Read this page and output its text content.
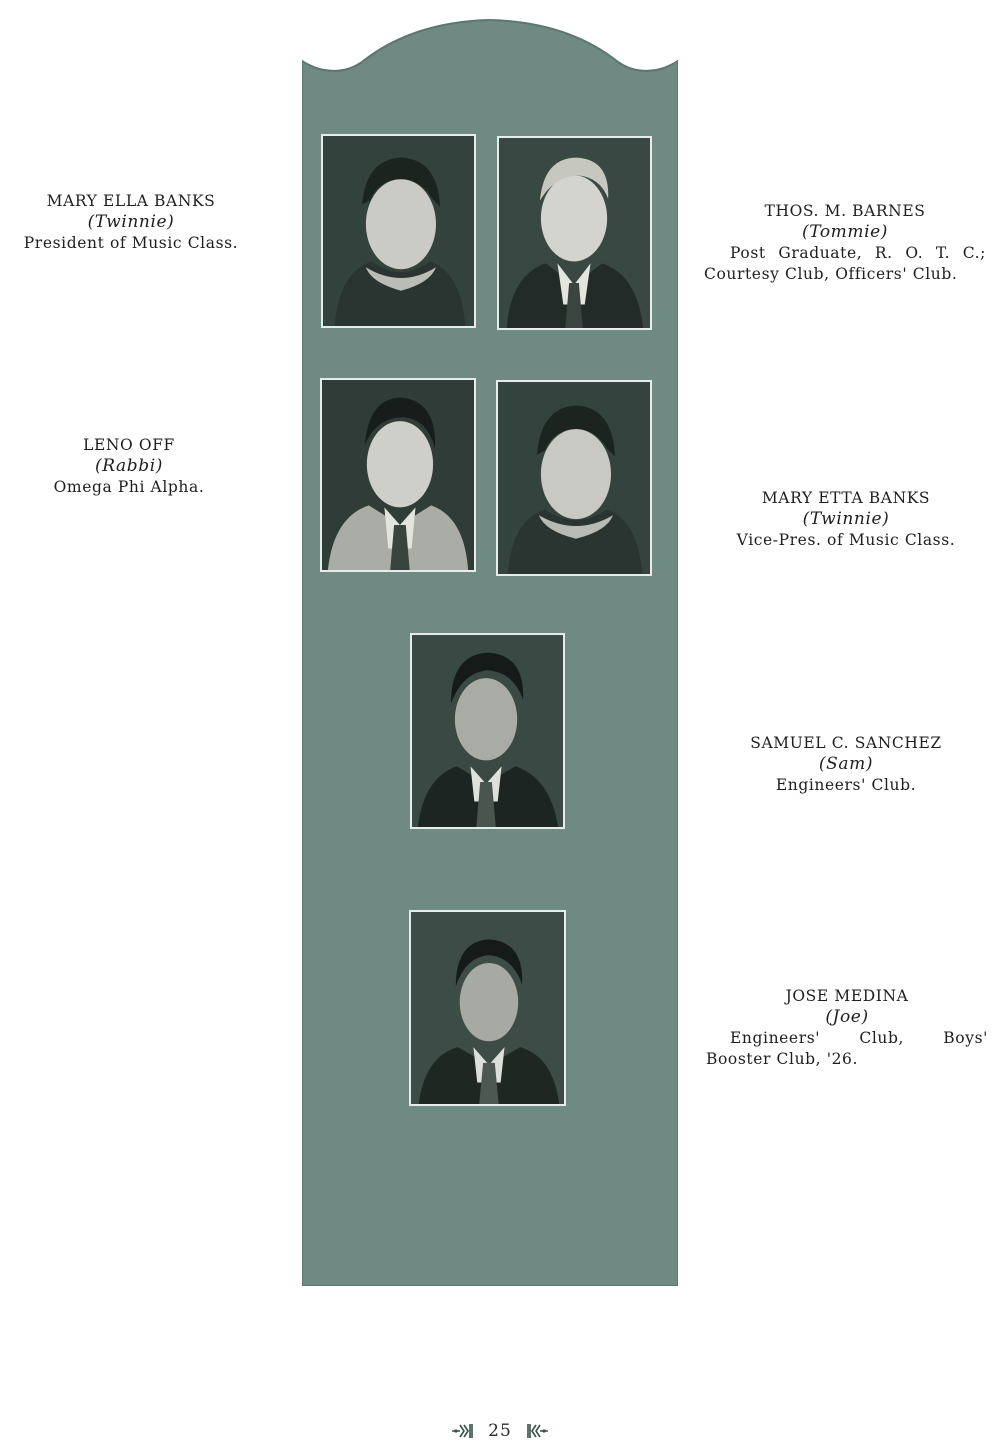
MARY ELLA BANKS
(Twinnie)
President of Music Class.
THOS. M. BARNES
(Tommie)
Post Graduate, R. O. T. C.; Courtesy Club, Officers' Club.
LENO OFF
(Rabbi)
Omega Phi Alpha.
MARY ETTA BANKS
(Twinnie)
Vice-Pres. of Music Class.
SAMUEL C. SANCHEZ
(Sam)
Engineers' Club.
JOSE MEDINA
(Joe)
Engineers' Club, Boys' Booster Club, '26.
25
